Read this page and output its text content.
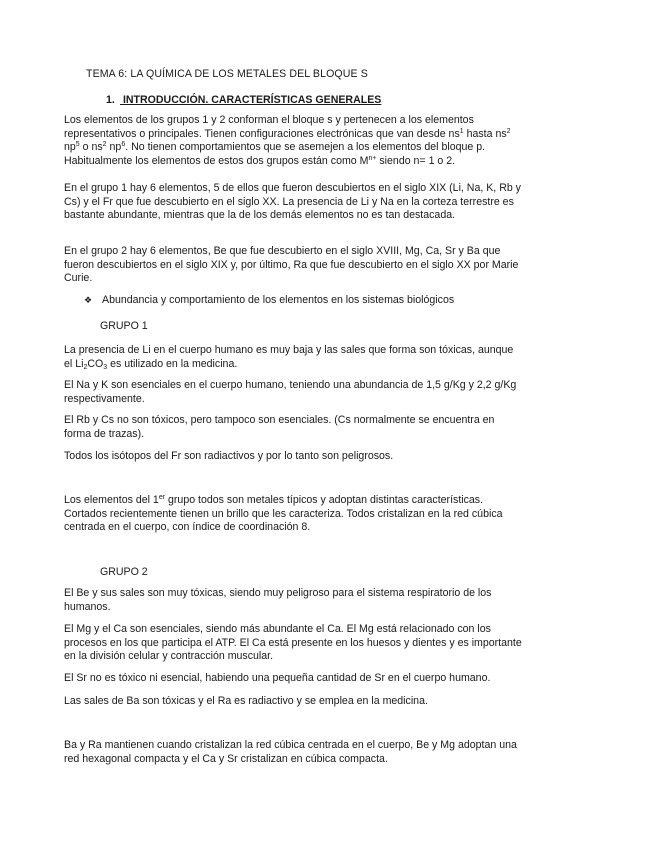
TEMA 6: LA QUÍMICA DE LOS METALES DEL BLOQUE S
1. INTRODUCCIÓN. CARACTERÍSTICAS GENERALES

Los elementos de los grupos 1 y 2 conforman el bloque s y pertenecen a los elementos representativos o principales. Tienen configuraciones electrónicas que van desde $ns^1$ hasta $ns^2$ $np^5$ o $ns^2$ $np^6$. No tienen comportamientos que se asemejen a los elementos del bloque p. Habitualmente los elementos de estos dos grupos están como $M^{n+}$ siendo n= 1 o 2.

En el grupo 1 hay 6 elementos, 5 de ellos que fueron descubiertos en el siglo XIX (Li, Na, K, Rb y Cs) y el Fr que fue descubierto en el siglo XX. La presencia de Li y Na en la corteza terrestre es bastante abundante, mientras que la de los demás elementos no es tan destacada.

En el grupo 2 hay 6 elementos, Be que fue descubierto en el siglo XVIII, Mg, Ca, Sr y Ba que fueron descubiertos en el siglo XIX y, por último, Ra que fue descubierto en el siglo XX por Marie Curie.

❖ Abundancia y comportamiento de los elementos en los sistemas biológicos
GRUPO 1

La presencia de Li en el cuerpo humano es muy baja y las sales que forma son tóxicas, aunque el $Li_2CO_3$ es utilizado en la medicina.

El Na y K son esenciales en el cuerpo humano, teniendo una abundancia de 1,5 g/Kg y 2,2 g/Kg respectivamente.

El Rb y Cs no son tóxicos, pero tampoco son esenciales. (Cs normalmente se encuentra en forma de trazas).

Todos los isótopos del Fr son radiactivos y por lo tanto son peligrosos.

Los elementos del 1er grupo todos son metales típicos y adoptan distintas características. Cortados recientemente tienen un brillo que les caracteriza. Todos cristalizan en la red cúbica centrada en el cuerpo, con índice de coordinación 8.

GRUPO 2

El Be y sus sales son muy tóxicas, siendo muy peligroso para el sistema respiratorio de los humanos.

El Mg y el Ca son esenciales, siendo más abundante el Ca. El Mg está relacionado con los procesos en los que participa el ATP. El Ca está presente en los huesos y dientes y es importante en la división celular y contracción muscular.

El Sr no es tóxico ni esencial, habiendo una pequeña cantidad de Sr en el cuerpo humano.

Las sales de Ba son tóxicas y el Ra es radiactivo y se emplea en la medicina.

Ba y Ra mantienen cuando cristalizan la red cúbica centrada en el cuerpo, Be y Mg adoptan una red hexagonal compacta y el Ca y Sr cristalizan en cúbica compacta.
